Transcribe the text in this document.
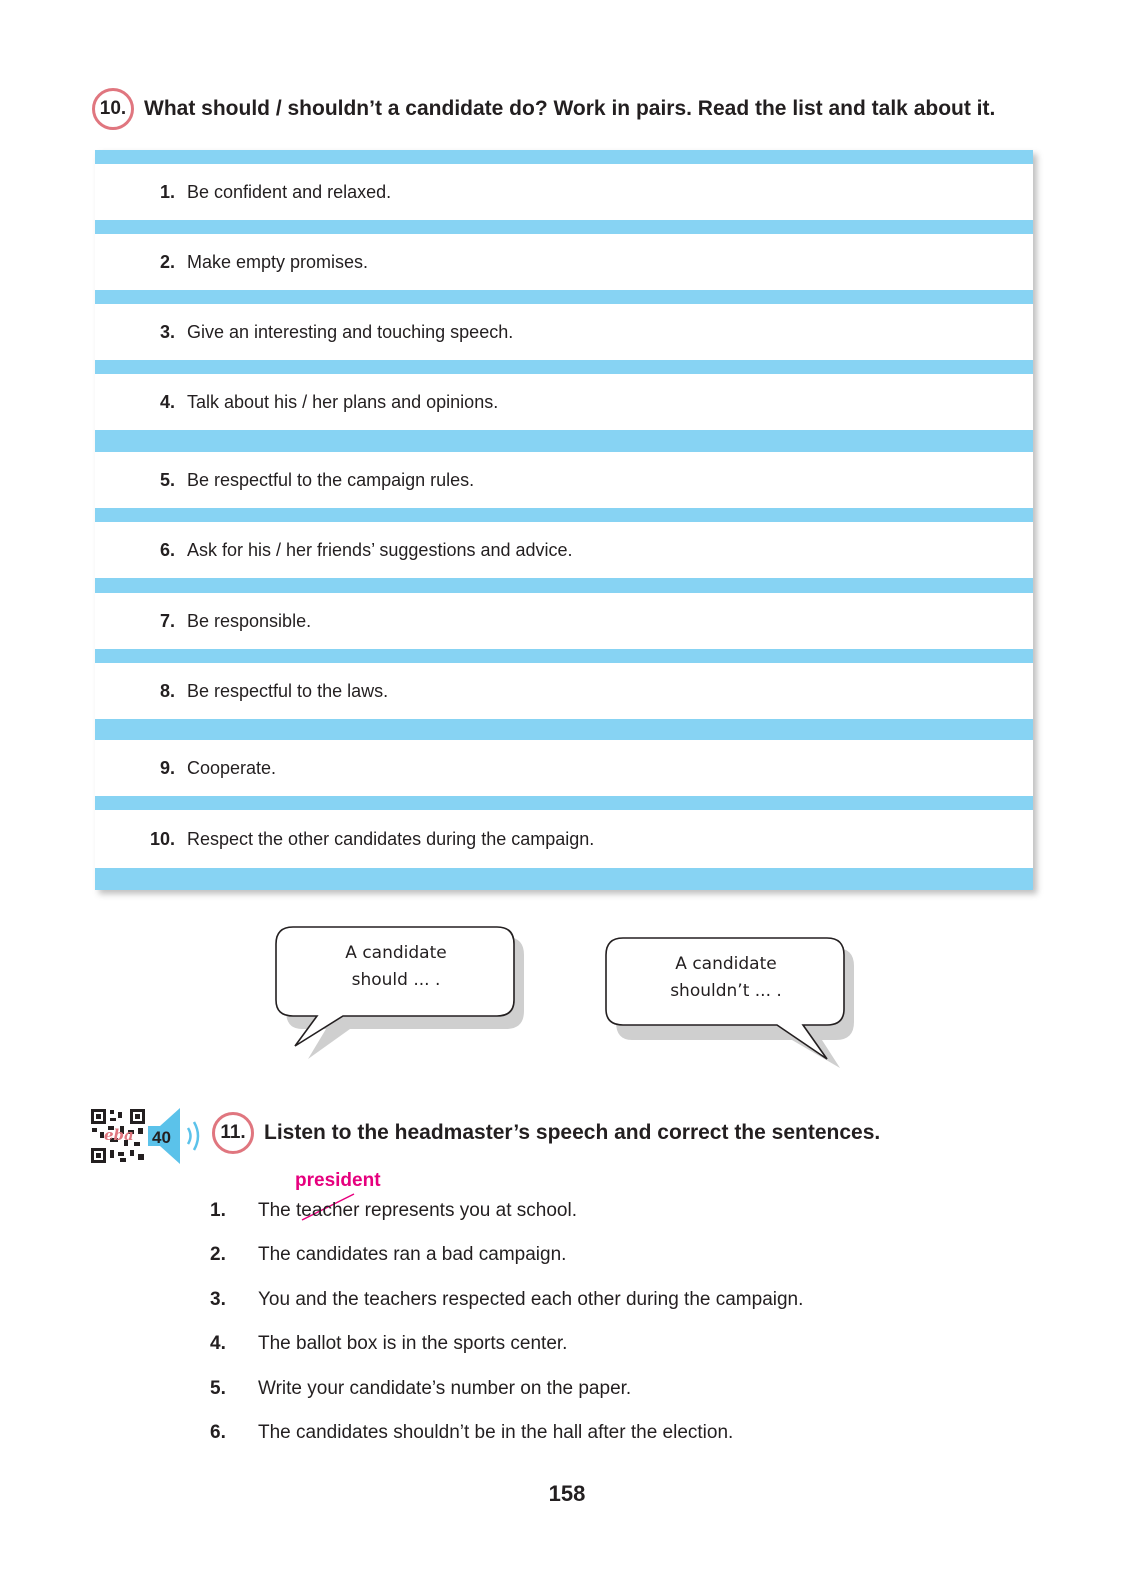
10. What should / shouldn’t a candidate do? Work in pairs. Read the list and talk about it.
1. Be confident and relaxed.
2. Make empty promises.
3. Give an interesting and touching speech.
4. Talk about his / her plans and opinions.
5. Be respectful to the campaign rules.
6. Ask for his / her friends’ suggestions and advice.
7. Be responsible.
8. Be respectful to the laws.
9. Cooperate.
10. Respect the other candidates during the campaign.
A candidate
should ... .
A candidate
shouldn’t ... .
eba 40	11. Listen to the headmaster’s speech and correct the sentences.
president
1.	The teacher represents you at school.
2.	The candidates ran a bad campaign.
3.	You and the teachers respected each other during the campaign.
4.	The ballot box is in the sports center.
5.	Write your candidate’s number on the paper.
6.	The candidates shouldn’t be in the hall after the election.
158
